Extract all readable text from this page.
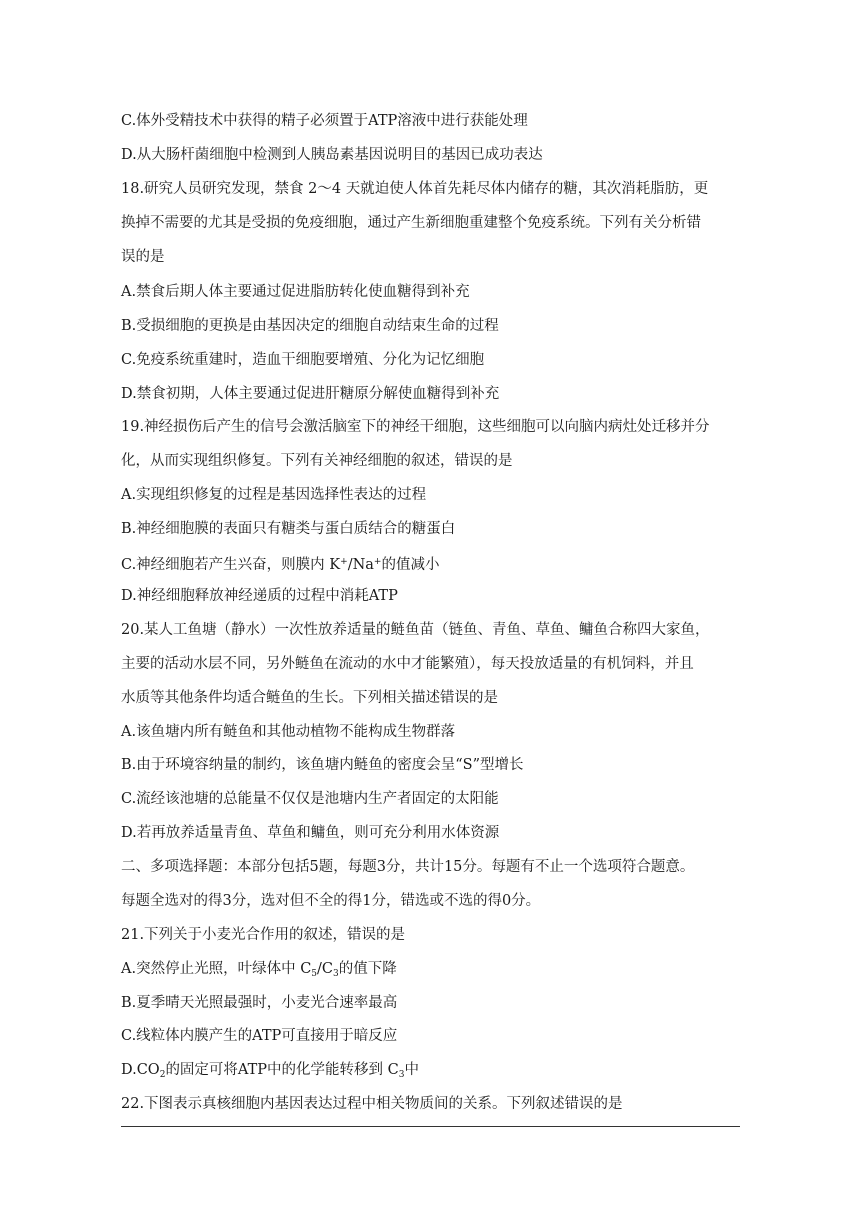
C.体外受精技术中获得的精子必须置于ATP溶液中进行获能处理
D.从大肠杆菌细胞中检测到人胰岛素基因说明目的基因已成功表达
18.研究人员研究发现，禁食 2～4 天就迫使人体首先耗尽体内储存的糖，其次消耗脂肪，更
换掉不需要的尤其是受损的免疫细胞，通过产生新细胞重建整个免疫系统。下列有关分析错
误的是
A.禁食后期人体主要通过促进脂肪转化使血糖得到补充
B.受损细胞的更换是由基因决定的细胞自动结束生命的过程
C.免疫系统重建时，造血干细胞要增殖、分化为记忆细胞
D.禁食初期，人体主要通过促进肝糖原分解使血糖得到补充
19.神经损伤后产生的信号会激活脑室下的神经干细胞，这些细胞可以向脑内病灶处迁移并分
化，从而实现组织修复。下列有关神经细胞的叙述，错误的是
A.实现组织修复的过程是基因选择性表达的过程
B.神经细胞膜的表面只有糖类与蛋白质结合的糖蛋白
C.神经细胞若产生兴奋，则膜内 K+/Na+的值减小
D.神经细胞释放神经递质的过程中消耗ATP
20.某人工鱼塘（静水）一次性放养适量的鲢鱼苗（链鱼、青鱼、草鱼、鳙鱼合称四大家鱼，
主要的活动水层不同，另外鲢鱼在流动的水中才能繁殖），每天投放适量的有机饲料，并且
水质等其他条件均适合鲢鱼的生长。下列相关描述错误的是
A.该鱼塘内所有鲢鱼和其他动植物不能构成生物群落
B.由于环境容纳量的制约，该鱼塘内鲢鱼的密度会呈“S”型增长
C.流经该池塘的总能量不仅仅是池塘内生产者固定的太阳能
D.若再放养适量青鱼、草鱼和鳙鱼，则可充分利用水体资源
二、多项选择题：本部分包括5题，每题3分，共计15分。每题有不止一个选项符合题意。
每题全选对的得3分，选对但不全的得1分，错选或不选的得0分。
21.下列关于小麦光合作用的叙述，错误的是
A.突然停止光照，叶绿体中 $C_5/C_3$的值下降
B.夏季晴天光照最强时，小麦光合速率最高
C.线粒体内膜产生的ATP可直接用于暗反应
$D.CO_2$的固定可将ATP中的化学能转移到 $C_3$中
22.下图表示真核细胞内基因表达过程中相关物质间的关系。下列叙述错误的是
